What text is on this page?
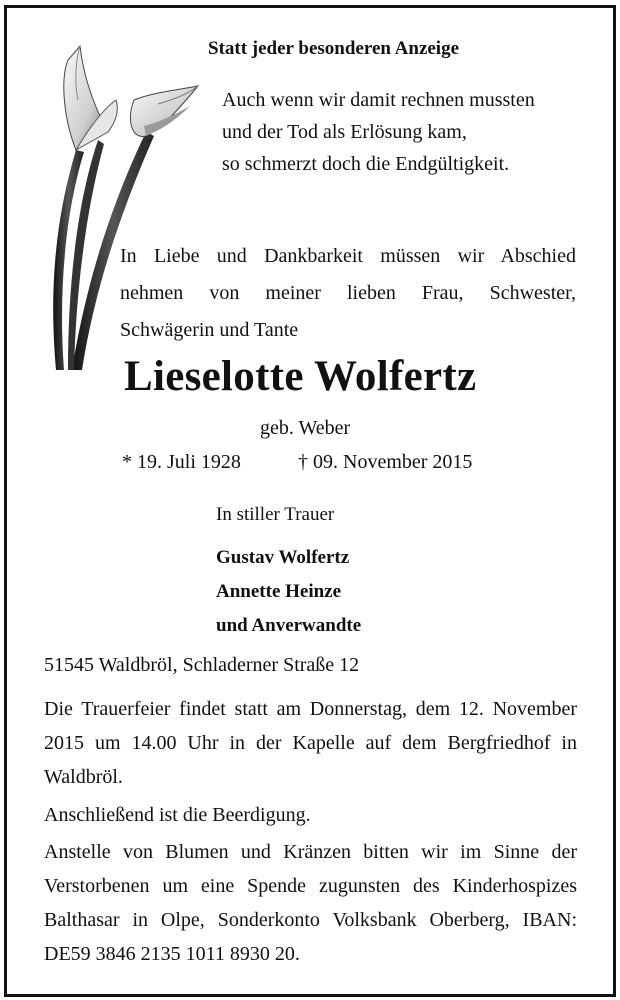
Statt jeder besonderen Anzeige
Auch wenn wir damit rechnen mussten
und der Tod als Erlösung kam,
so schmerzt doch die Endgültigkeit.
In Liebe und Dankbarkeit müssen wir Abschied
nehmen von meiner lieben Frau, Schwester,
Schwägerin und Tante
Lieselotte Wolfertz
geb. Weber
* 19. Juli 1928	† 09. November 2015
In stiller Trauer
Gustav Wolfertz
Annette Heinze
und Anverwandte
51545 Waldbröl, Schladerner Straße 12
Die Trauerfeier findet statt am Donnerstag, dem 12. November
2015 um 14.00 Uhr in der Kapelle auf dem Bergfriedhof in
Waldbröl.
Anschließend ist die Beerdigung.
Anstelle von Blumen und Kränzen bitten wir im Sinne der
Verstorbenen um eine Spende zugunsten des Kinderhospizes
Balthasar in Olpe, Sonderkonto Volksbank Oberberg, IBAN:
DE59 3846 2135 1011 8930 20.
